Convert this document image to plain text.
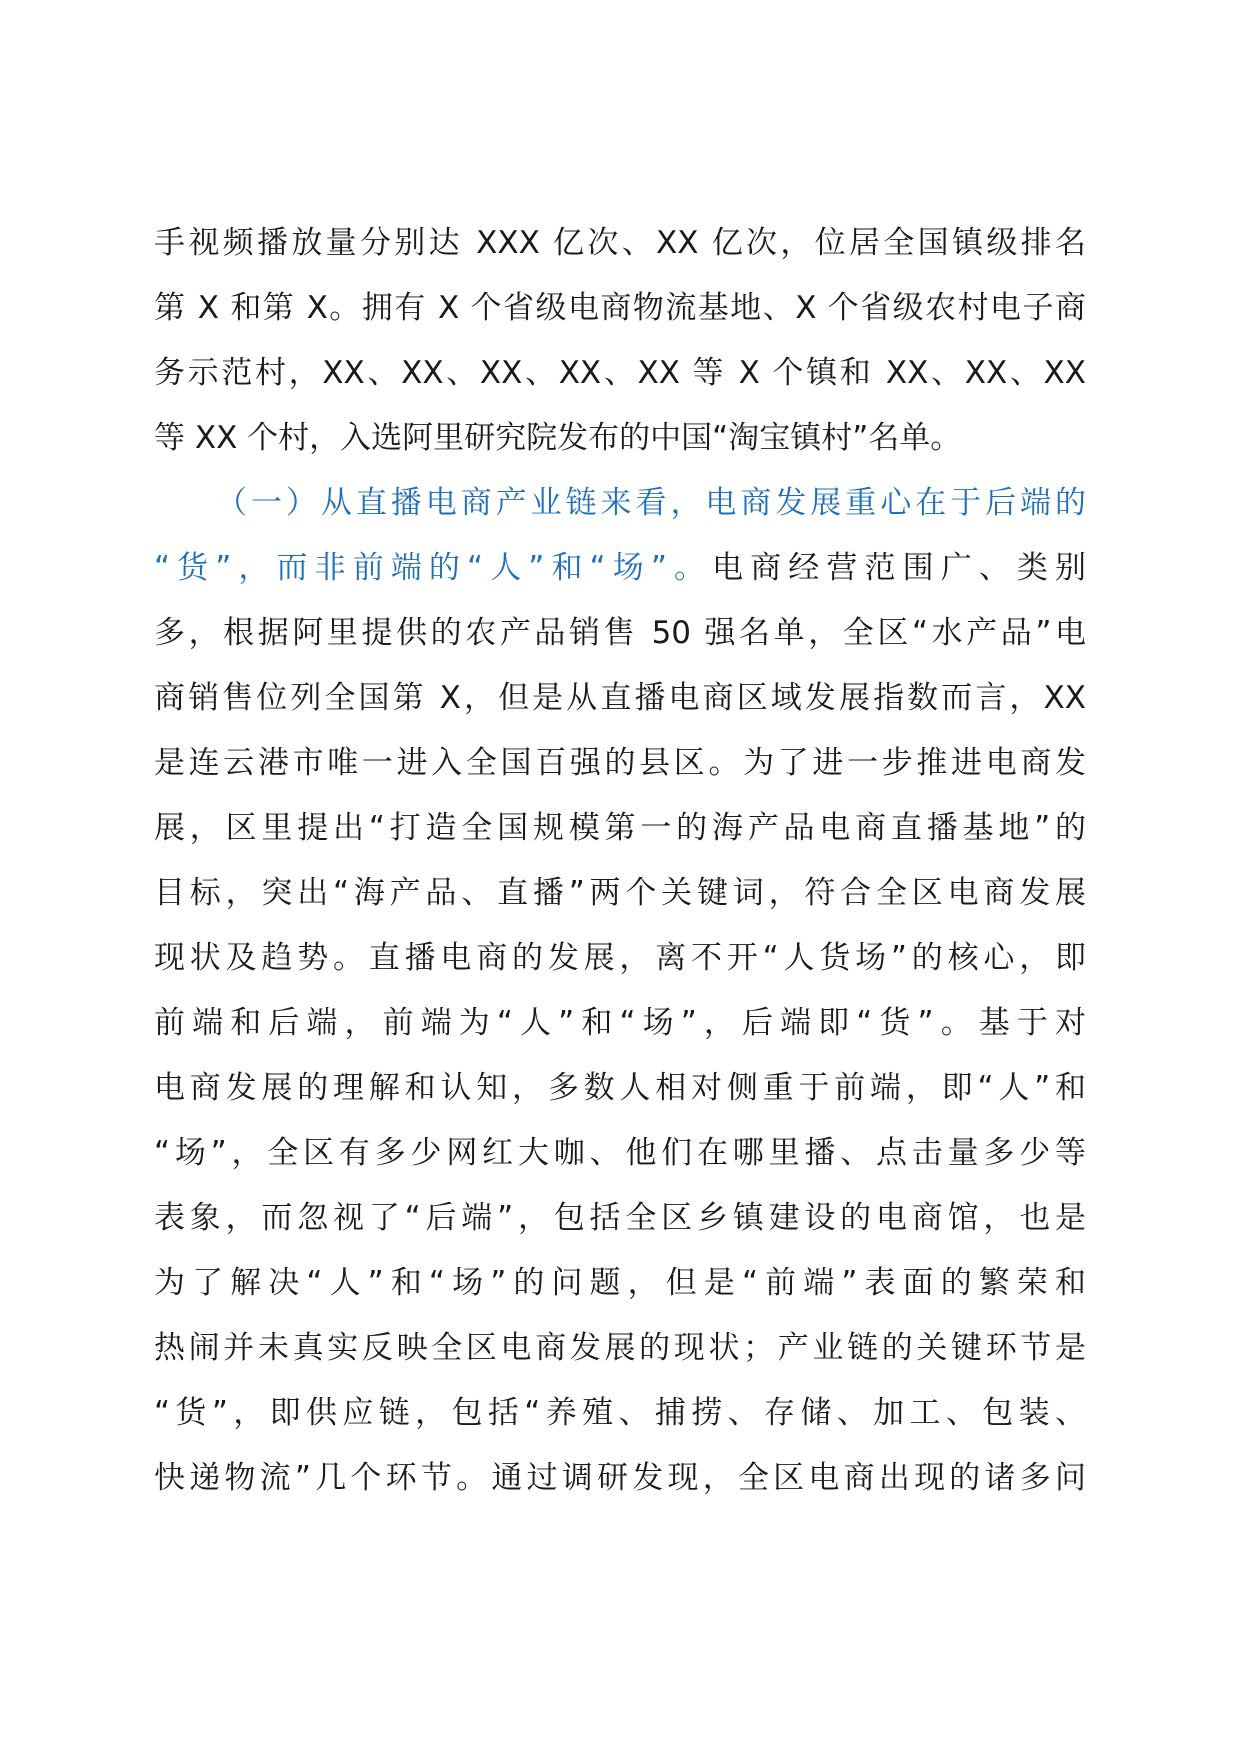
手视频播放量分别达 XXX 亿次、XX 亿次，位居全国镇级排名
第 X 和第 X。拥有 X 个省级电商物流基地、X 个省级农村电子商
务示范村，XX、XX、XX、XX、XX 等 X 个镇和 XX、XX、XX
等 XX 个村，入选阿里研究院发布的中国“淘宝镇村”名单。
（一）从直播电商产业链来看，电商发展重心在于后端的
“货”，而非前端的“人”和“场”。电商经营范围广、类别
多，根据阿里提供的农产品销售 50 强名单，全区“水产品”电
商销售位列全国第 X，但是从直播电商区域发展指数而言，XX
是连云港市唯一进入全国百强的县区。为了进一步推进电商发
展，区里提出“打造全国规模第一的海产品电商直播基地”的
目标，突出“海产品、直播”两个关键词，符合全区电商发展
现状及趋势。直播电商的发展，离不开“人货场”的核心，即
前端和后端，前端为“人”和“场”，后端即“货”。基于对
电商发展的理解和认知，多数人相对侧重于前端，即“人”和
“场”，全区有多少网红大咖、他们在哪里播、点击量多少等
表象，而忽视了“后端”，包括全区乡镇建设的电商馆，也是
为了解决“人”和“场”的问题，但是“前端”表面的繁荣和
热闹并未真实反映全区电商发展的现状；产业链的关键环节是
“货”，即供应链，包括“养殖、捕捞、存储、加工、包装、
快递物流”几个环节。通过调研发现，全区电商出现的诸多问
